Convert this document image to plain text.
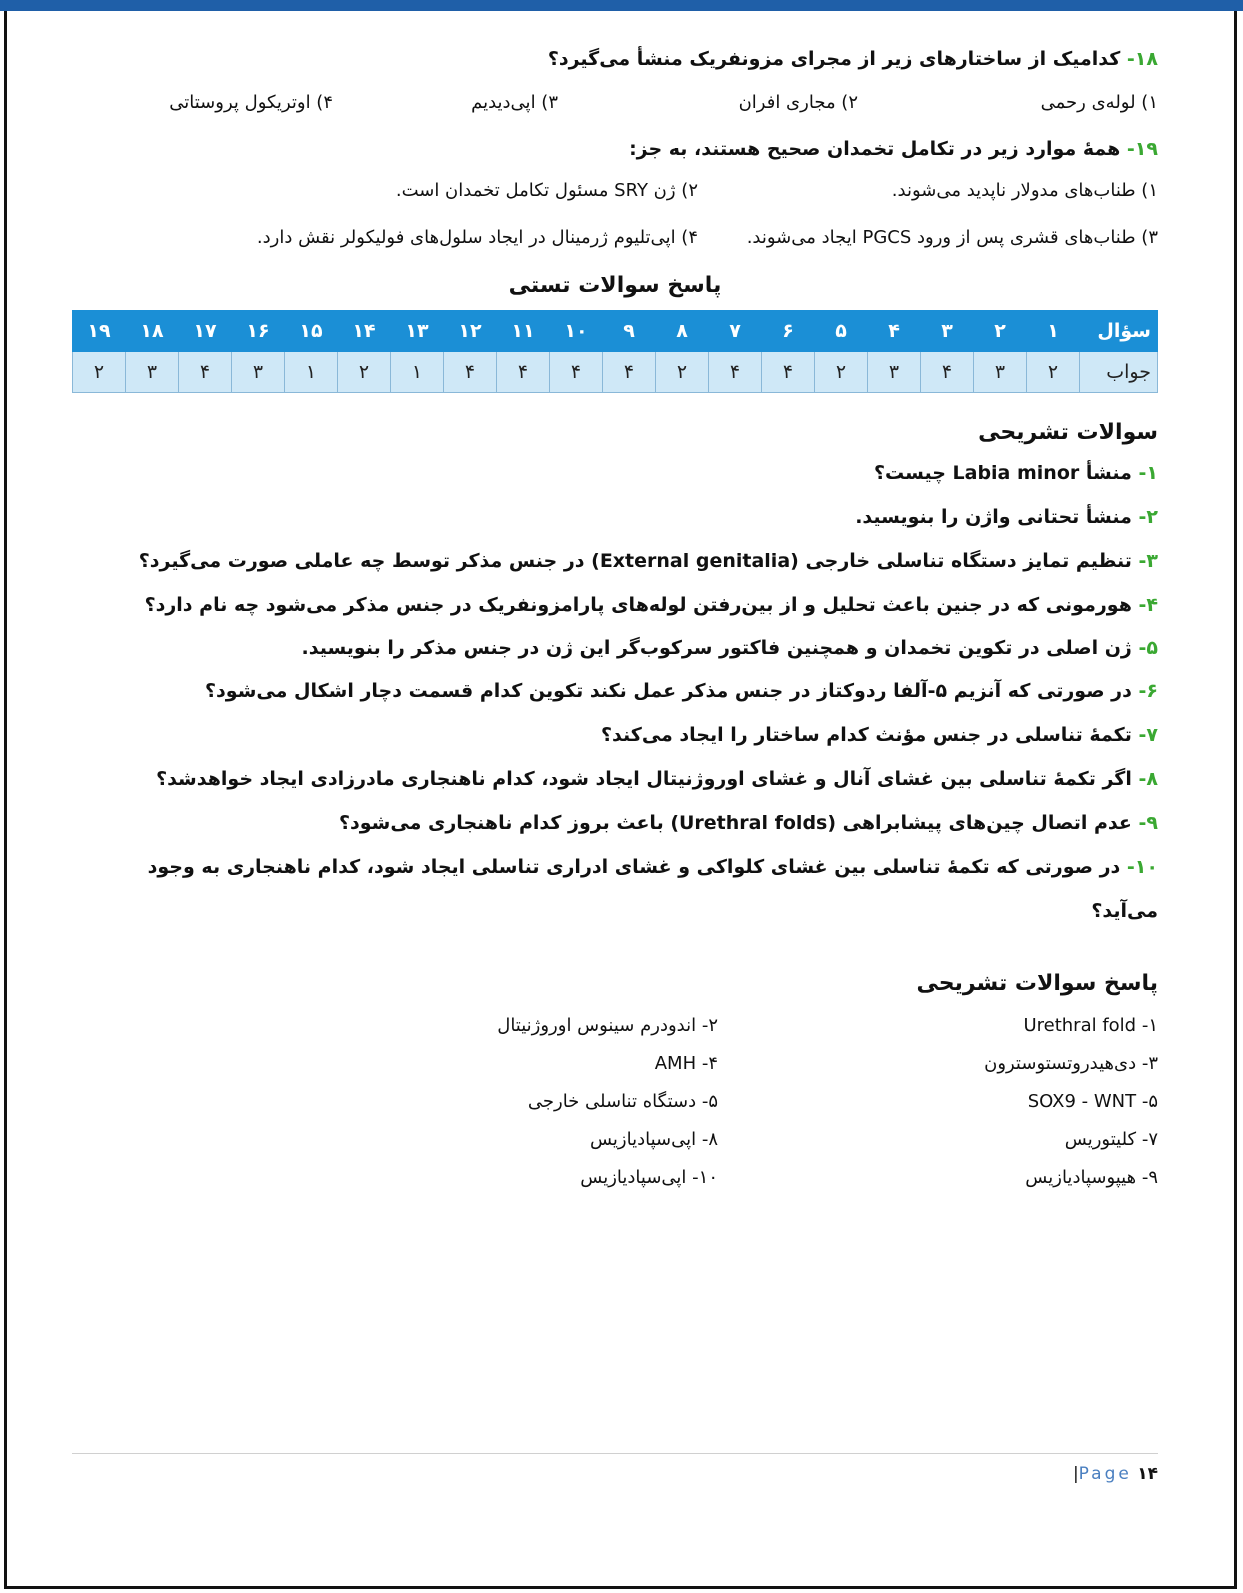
۱۸- کدامیک از ساختارهای زیر از مجرای مزونفریک منشأ می‌گیرد؟
۱) لوله‌ی رحمی
۲) مجاری افران
۳) اپی‌دیدیم
۴) اوتریکول پروستاتی
۱۹- همهٔ موارد زیر در تکامل تخمدان صحیح هستند، به جز:
۱) طناب‌های مدولار ناپدید می‌شوند.
۲) ژن SRY مسئول تکامل تخمدان است.
۳) طناب‌های قشری پس از ورود PGCS ایجاد می‌شوند.
۴) اپی‌تلیوم ژرمینال در ایجاد سلول‌های فولیکولر نقش دارد.
پاسخ سوالات تستی
سؤال	۱	۲	۳	۴	۵	۶	۷	۸	۹	۱۰	۱۱	۱۲	۱۳	۱۴	۱۵	۱۶	۱۷	۱۸	۱۹
جواب	۲	۳	۴	۳	۲	۴	۴	۲	۴	۴	۴	۴	۱	۲	۱	۳	۴	۳	۲
سوالات تشریحی
۱- منشأ Labia minor چیست؟
۲- منشأ تحتانی واژن را بنویسید.
۳- تنظیم تمایز دستگاه تناسلی خارجی (External genitalia) در جنس مذکر توسط چه عاملی صورت می‌گیرد؟
۴- هورمونی که در جنین باعث تحلیل و از بین‌رفتن لوله‌های پارامزونفریک در جنس مذکر می‌شود چه نام دارد؟
۵- ژن اصلی در تکوین تخمدان و همچنین فاکتور سرکوب‌گر این ژن در جنس مذکر را بنویسید.
۶- در صورتی که آنزیم ۵-آلفا ردوکتاز در جنس مذکر عمل نکند تکوین کدام قسمت دچار اشکال می‌شود؟
۷- تکمهٔ تناسلی در جنس مؤنث کدام ساختار را ایجاد می‌کند؟
۸- اگر تکمهٔ تناسلی بین غشای آنال و غشای اوروژنیتال ایجاد شود، کدام ناهنجاری مادرزادی ایجاد خواهدشد؟
۹- عدم اتصال چین‌های پیشابراهی (Urethral folds) باعث بروز کدام ناهنجاری می‌شود؟
۱۰- در صورتی که تکمهٔ تناسلی بین غشای کلواکی و غشای ادراری تناسلی ایجاد شود، کدام ناهنجاری به وجود
می‌آید؟
پاسخ سوالات تشریحی
۱- Urethral fold
۲- اندودرم سینوس اوروژنیتال
۳- دی‌هیدروتستوسترون
۴- AMH
۵- SOX9 - WNT
۵- دستگاه تناسلی خارجی
۷- کلیتوریس
۸- اپی‌سپادیازیس
۹- هیپوسپادیازیس
۱۰- اپی‌سپادیازیس
|Page ۱۴
